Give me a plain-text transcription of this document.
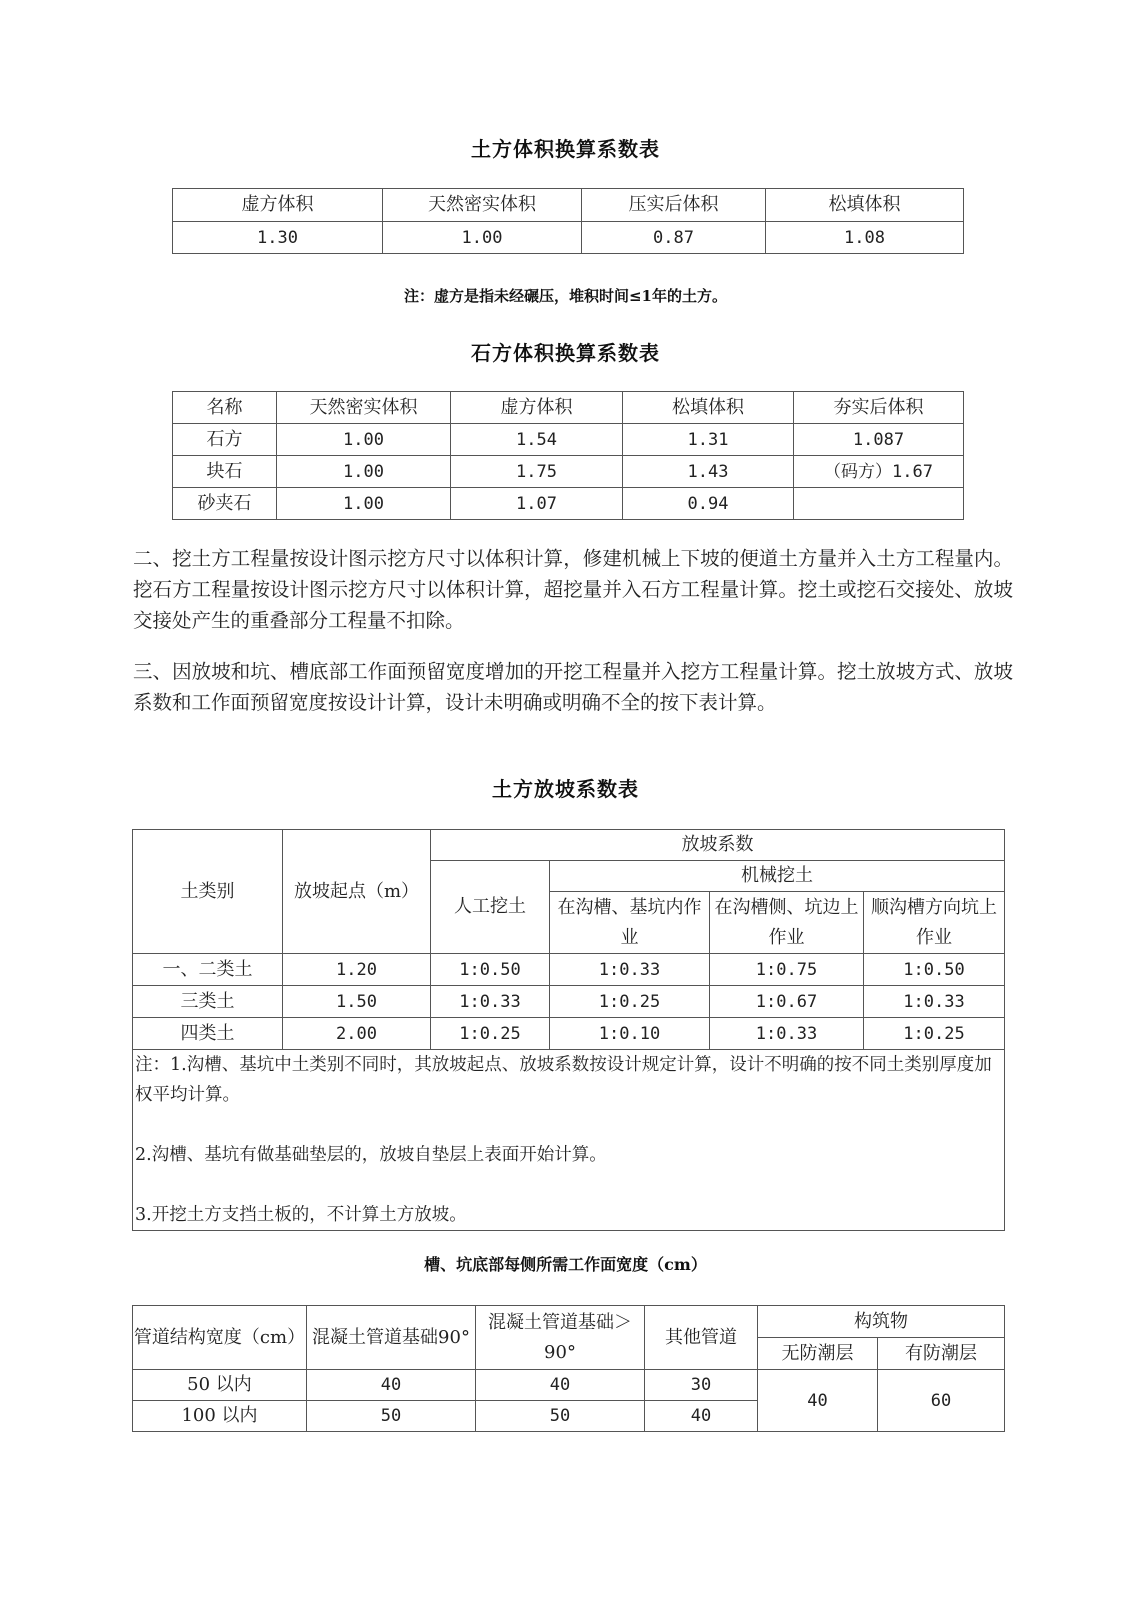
土方体积换算系数表
虚方体积	天然密实体积	压实后体积	松填体积
1.30	1.00	0.87	1.08
注：虚方是指未经碾压，堆积时间≤1年的土方。
石方体积换算系数表
名称	天然密实体积	虚方体积	松填体积	夯实后体积
石方	1.00	1.54	1.31	1.087
块石	1.00	1.75	1.43	（码方）1.67
砂夹石	1.00	1.07	0.94	
二、挖土方工程量按设计图示挖方尺寸以体积计算，修建机械上下坡的便道土方量并入土方工程量内。挖石方工程量按设计图示挖方尺寸以体积计算，超挖量并入石方工程量计算。挖土或挖石交接处、放坡交接处产生的重叠部分工程量不扣除。
三、因放坡和坑、槽底部工作面预留宽度增加的开挖工程量并入挖方工程量计算。挖土放坡方式、放坡系数和工作面预留宽度按设计计算，设计未明确或明确不全的按下表计算。
土方放坡系数表
土类别	放坡起点（m）	放坡系数			
		人工挖土	机械挖土		
			在沟槽、基坑内作业	在沟槽侧、坑边上作业	顺沟槽方向坑上作业
一、二类土	1.20	1:0.50	1:0.33	1:0.75	1:0.50
三类土	1.50	1:0.33	1:0.25	1:0.67	1:0.33
四类土	2.00	1:0.25	1:0.10	1:0.33	1:0.25

注：1.沟槽、基坑中土类别不同时，其放坡起点、放坡系数按设计规定计算，设计不明确的按不同土类别厚度加权平均计算。

2.沟槽、基坑有做基础垫层的，放坡自垫层上表面开始计算。

3.开挖土方支挡土板的，不计算土方放坡。					

槽、坑底部每侧所需工作面宽度（cm）
管道结构宽度（cm）	混凝土管道基础90°	混凝土管道基础＞90°	其他管道	构筑物	
				无防潮层	有防潮层
50 以内	40	40	30	40	60
100 以内	50	50	40		
